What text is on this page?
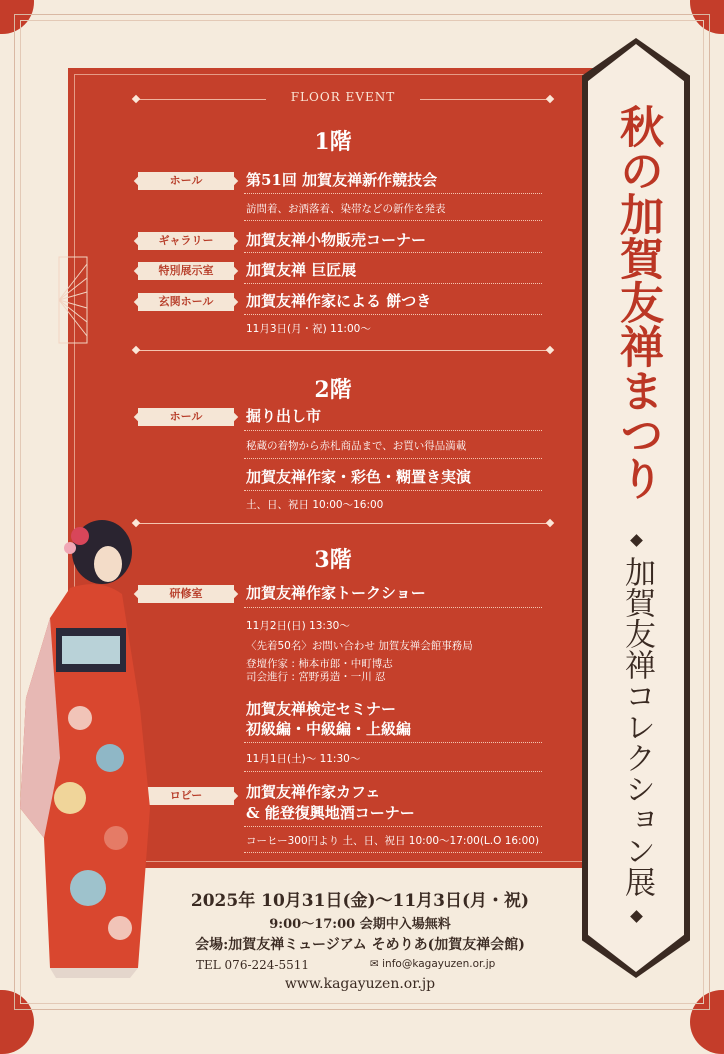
FLOOR EVENT
1階
ホール	第51回 加賀友禅新作競技会
訪問着、お洒落着、染帯などの新作を発表
ギャラリー	加賀友禅小物販売コーナー
特別展示室	加賀友禅 巨匠展
玄関ホール	加賀友禅作家による 餅つき
11月3日(月・祝) 11:00〜
2階
ホール	掘り出し市
秘蔵の着物から赤札商品まで、お買い得品満載
加賀友禅作家・彩色・糊置き実演
土、日、祝日 10:00〜16:00
3階
研修室	加賀友禅作家トークショー
11月2日(日) 13:30〜
〈先着50名〉お問い合わせ 加賀友禅会館事務局
登壇作家 : 柿本市郎・中町博志
司会進行 : 宮野勇造・一川 忍
加賀友禅検定セミナー
初級編・中級編・上級編
11月1日(土)〜 11:30〜
ロビー	加賀友禅作家カフェ
& 能登復興地酒コーナー
コーヒー300円より 土、日、祝日 10:00〜17:00(L.O 16:00)
秋の加賀友禅まつり
加賀友禅コレクション展
2025年 10月31日(金)〜11月3日(月・祝)
9:00〜17:00 会期中入場無料
会場:加賀友禅ミュージアム そめりあ(加賀友禅会館)
TEL 076-224-5511	✉ info@kagayuzen.or.jp
www.kagayuzen.or.jp
